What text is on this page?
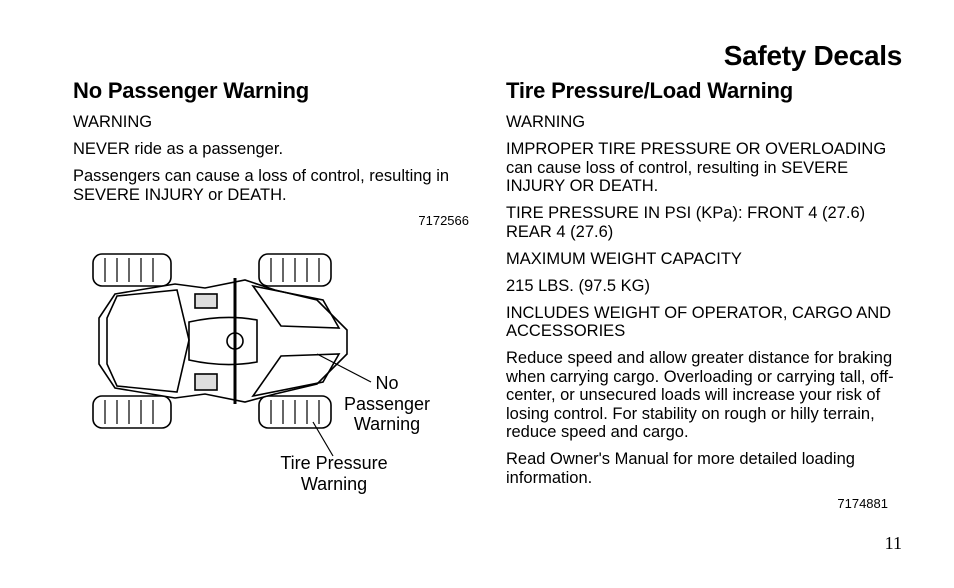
Safety Decals
No Passenger Warning

WARNING

NEVER ride as a passenger.

Passengers can cause a loss of control, resulting in SEVERE INJURY or DEATH.

7172566

No
Passenger
Warning
Tire Pressure
Warning
Tire Pressure/Load Warning

WARNING

IMPROPER TIRE PRESSURE OR OVERLOADING can cause loss of control, resulting in SEVERE INJURY OR DEATH.

TIRE PRESSURE IN PSI (KPa): FRONT 4 (27.6) REAR 4 (27.6)

MAXIMUM WEIGHT CAPACITY

215 LBS. (97.5 KG)

INCLUDES WEIGHT OF OPERATOR, CARGO AND ACCESSORIES

Reduce speed and allow greater distance for braking when carrying cargo. Overloading or carrying tall, off-center, or unsecured loads will increase your risk of losing control. For stability on rough or hilly terrain, reduce speed and cargo.

Read Owner's Manual for more detailed loading information.

7174881

11
